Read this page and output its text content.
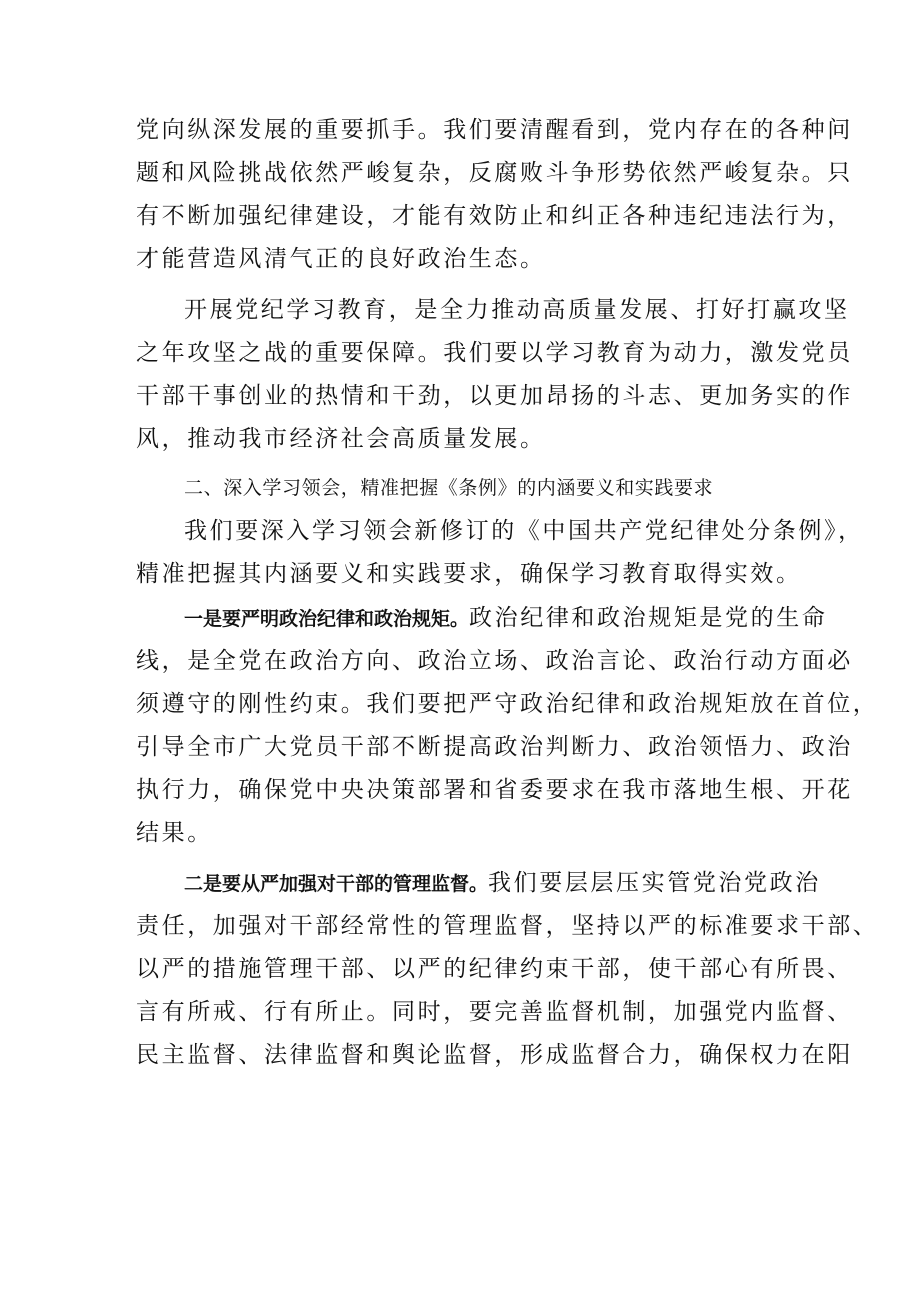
党向纵深发展的重要抓手。我们要清醒看到，党内存在的各种问
题和风险挑战依然严峻复杂，反腐败斗争形势依然严峻复杂。只
有不断加强纪律建设，才能有效防止和纠正各种违纪违法行为，
才能营造风清气正的良好政治生态。
开展党纪学习教育，是全力推动高质量发展、打好打赢攻坚
之年攻坚之战的重要保障。我们要以学习教育为动力，激发党员
干部干事创业的热情和干劲，以更加昂扬的斗志、更加务实的作
风，推动我市经济社会高质量发展。
二、深入学习领会，精准把握《条例》的内涵要义和实践要求
我们要深入学习领会新修订的《中国共产党纪律处分条例》，
精准把握其内涵要义和实践要求，确保学习教育取得实效。
一是要严明政治纪律和政治规矩。政治纪律和政治规矩是党的生命
线，是全党在政治方向、政治立场、政治言论、政治行动方面必
须遵守的刚性约束。我们要把严守政治纪律和政治规矩放在首位，
引导全市广大党员干部不断提高政治判断力、政治领悟力、政治
执行力，确保党中央决策部署和省委要求在我市落地生根、开花
结果。
二是要从严加强对干部的管理监督。我们要层层压实管党治党政治
责任，加强对干部经常性的管理监督，坚持以严的标准要求干部、
以严的措施管理干部、以严的纪律约束干部，使干部心有所畏、
言有所戒、行有所止。同时，要完善监督机制，加强党内监督、
民主监督、法律监督和舆论监督，形成监督合力，确保权力在阳
